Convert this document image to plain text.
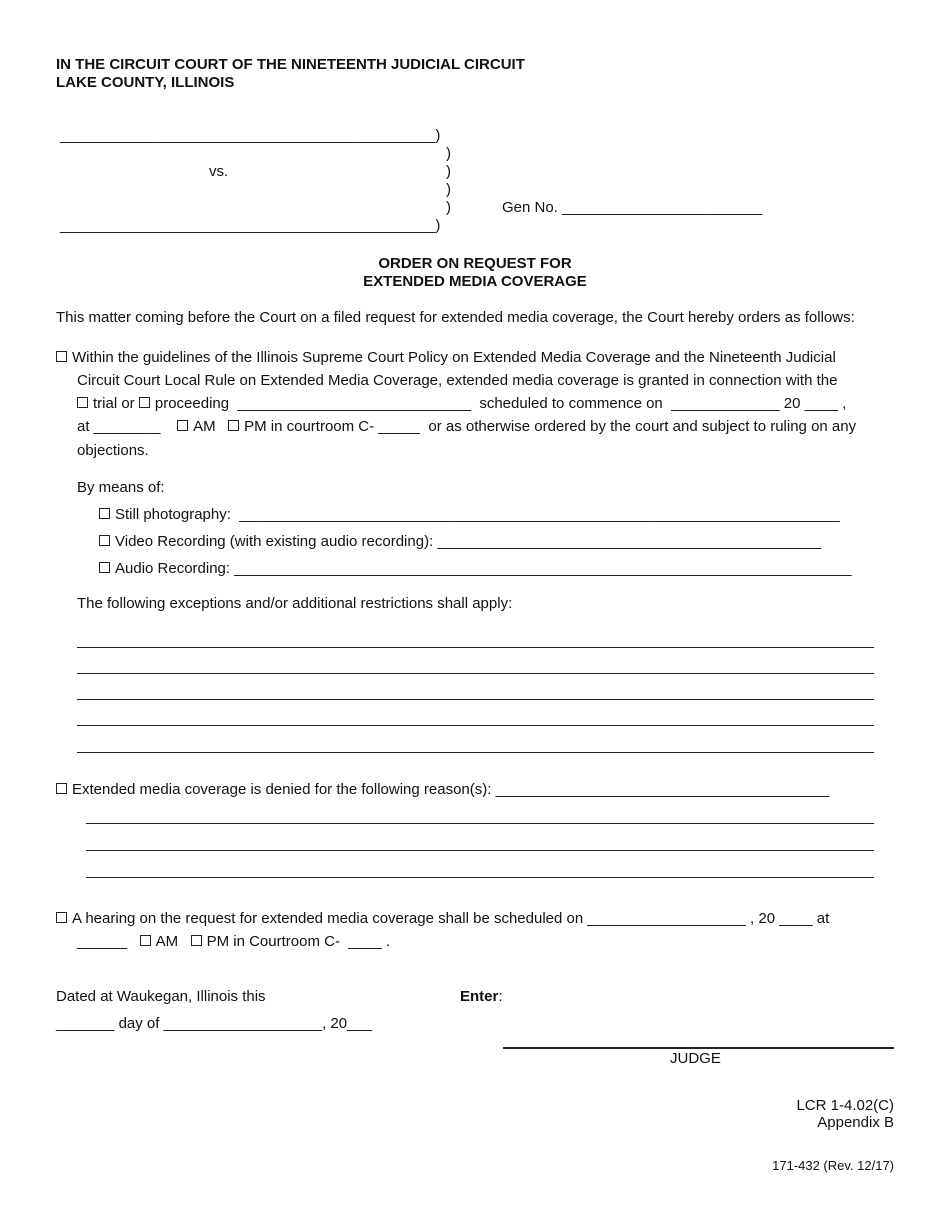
IN THE CIRCUIT COURT OF THE NINETEENTH JUDICIAL CIRCUIT
LAKE COUNTY, ILLINOIS
_____________________________________________)
)
)
vs.
)
)	Gen No. ________________________
_____________________________________________)
ORDER ON REQUEST FOR
EXTENDED MEDIA COVERAGE
This matter coming before the Court on a filed request for extended media coverage, the Court hereby orders as follows:
Within the guidelines of the Illinois Supreme Court Policy on Extended Media Coverage and the Nineteenth Judicial
Circuit Court Local Rule on Extended Media Coverage, extended media coverage is granted in connection with the
trial or proceeding  ____________________________  scheduled to commence on  _____________ 20 ____ ,
at ________ AM PM in courtroom C- _____  or as otherwise ordered by the court and subject to ruling on any
objections.
By means of:
Still photography:  ________________________________________________________________________
Video Recording (with existing audio recording): ______________________________________________
Audio Recording: __________________________________________________________________________
The following exceptions and/or additional restrictions shall apply:
Extended media coverage is denied for the following reason(s): ________________________________________
A hearing on the request for extended media coverage shall be scheduled on ___________________ , 20 ____ at
______ AM PM in Courtroom C-  ____ .
Dated at Waukegan, Illinois this
_______ day of ___________________, 20___
Enter:
JUDGE
LCR 1-4.02(C)
Appendix B
171-432 (Rev. 12/17)
